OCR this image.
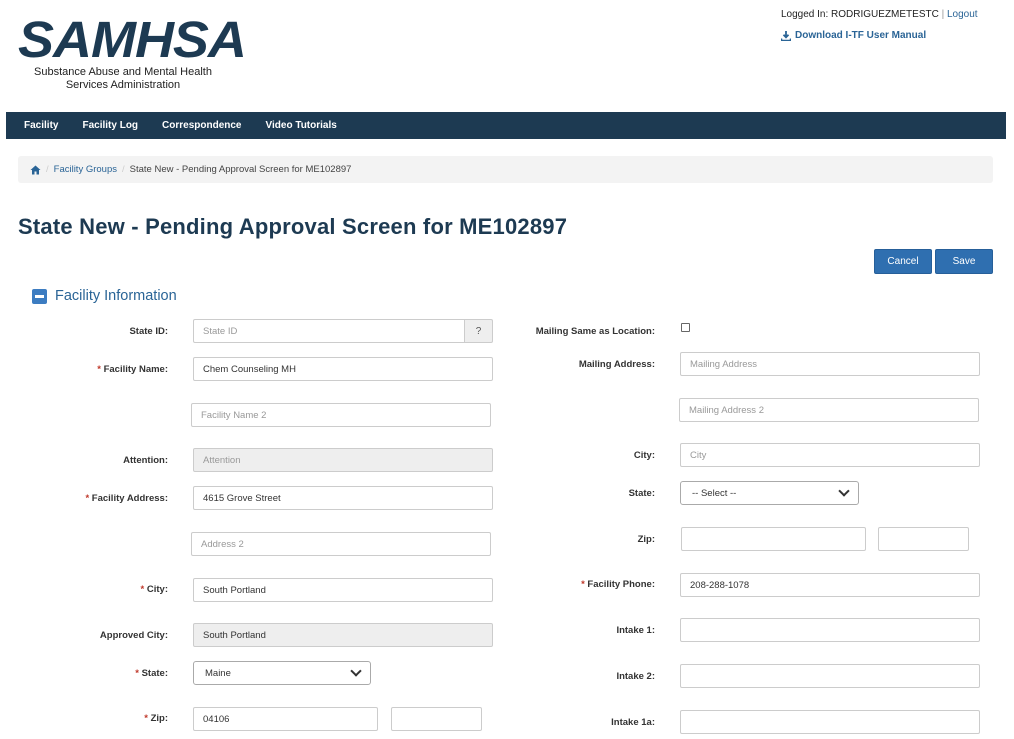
SAMHSA
Substance Abuse and Mental Health Services Administration
Logged In: RODRIGUEZMETESTC | Logout
Download I-TF User Manual
Facility	Facility Log	Correspondence	Video Tutorials
/ Facility Groups / State New - Pending Approval Screen for ME102897
State New - Pending Approval Screen for ME102897
Cancel	Save
Facility Information
State ID:	State ID	?
* Facility Name:	Chem Counseling MH
Facility Name 2
Attention:	Attention
* Facility Address:	4615 Grove Street
Address 2
* City:	South Portland
Approved City:	South Portland
* State:	Maine
* Zip:	04106
Mailing Same as Location:
Mailing Address:	Mailing Address
Mailing Address 2
City:	City
State:	-- Select --
Zip:
* Facility Phone:	208-288-1078
Intake 1:
Intake 2:
Intake 1a:
